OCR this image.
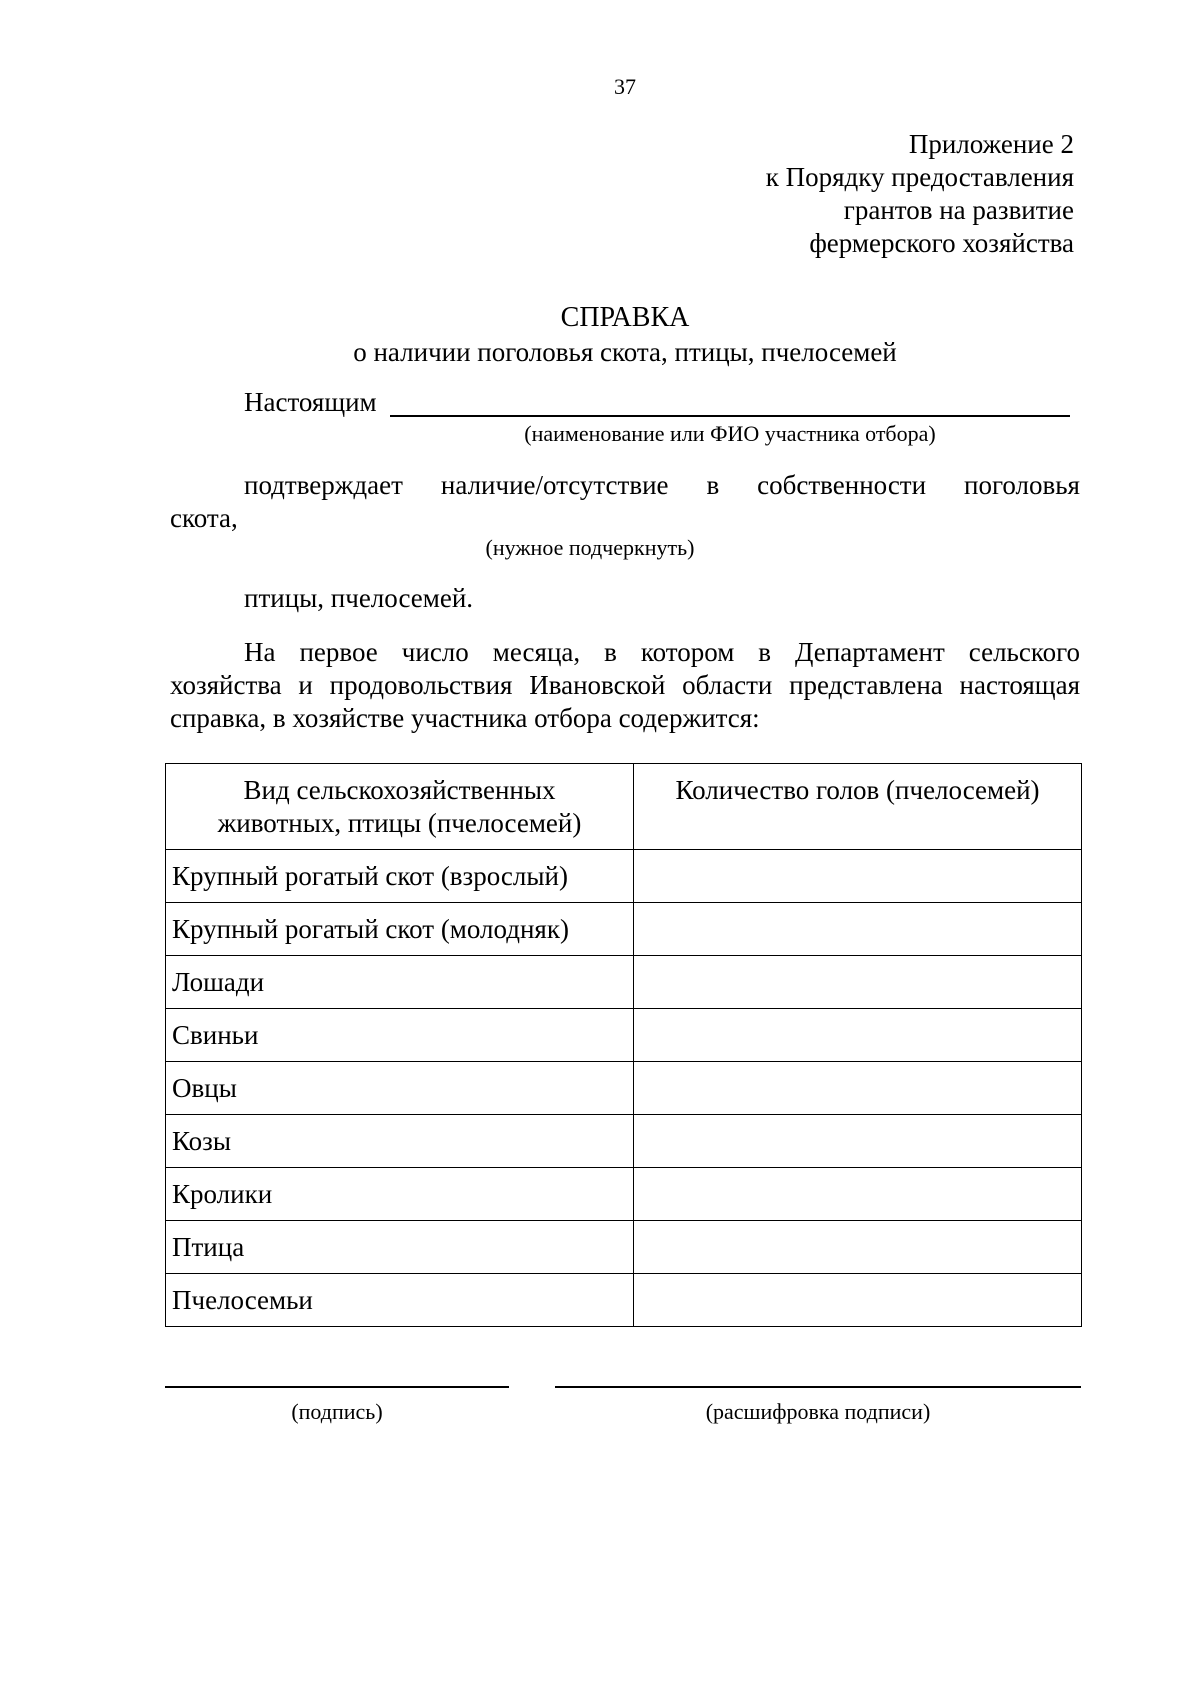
37
Приложение 2
к Порядку предоставления
грантов на развитие
фермерского хозяйства
СПРАВКА
о наличии поголовья скота, птицы, пчелосемей
Настоящим
(наименование или ФИО участника отбора)
подтверждает наличие/отсутствие в собственности поголовья
скота,
(нужное подчеркнуть)
птицы, пчелосемей.
На первое число месяца, в котором в Департамент сельского
хозяйства и продовольствия Ивановской области представлена настоящая
справка, в хозяйстве участника отбора содержится:
Вид сельскохозяйственных
животных, птицы (пчелосемей)	Количество голов (пчелосемей)
Крупный рогатый скот (взрослый)	
Крупный рогатый скот (молодняк)	
Лошади	
Свиньи	
Овцы	
Козы	
Кролики	
Птица	
Пчелосемьи	
(подпись)	(расшифровка подписи)
